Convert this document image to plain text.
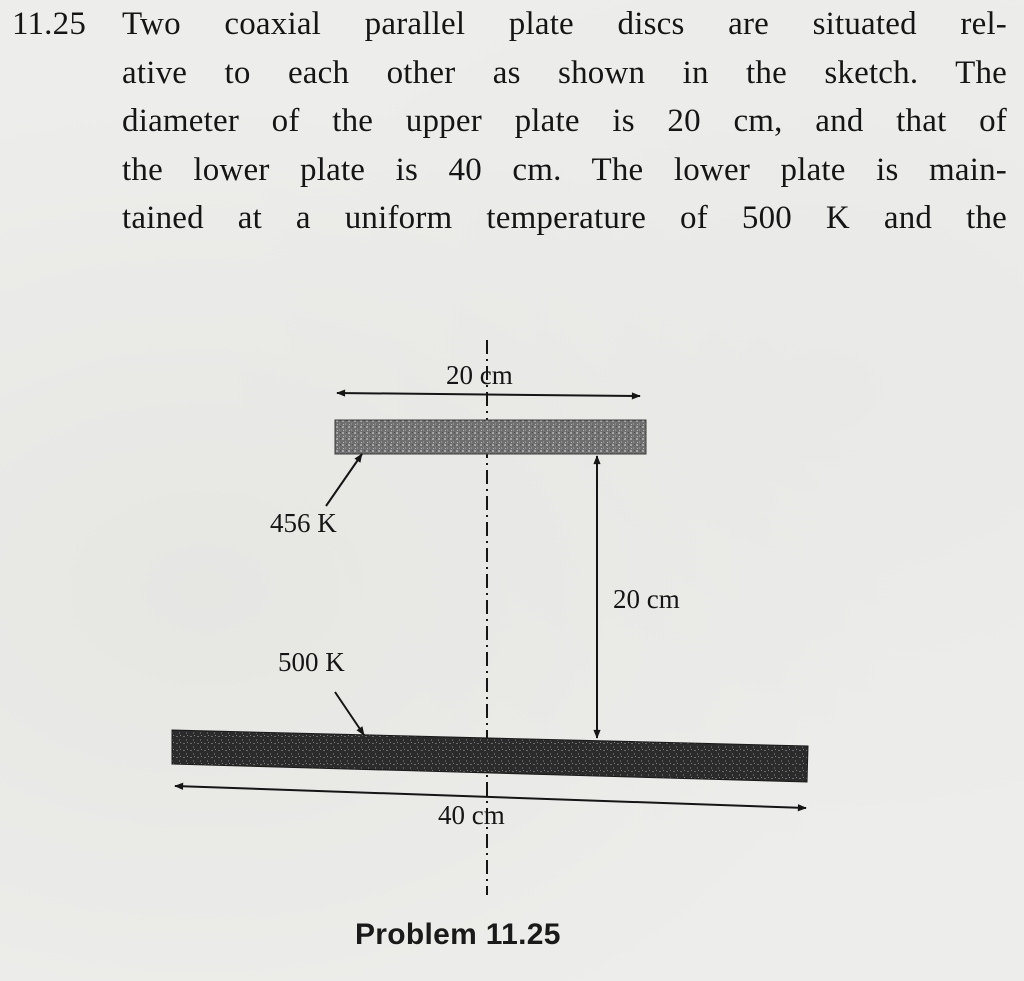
11.25 Two coaxial parallel plate discs are situated rel-
ative to each other as shown in the sketch. The
diameter of the upper plate is 20 cm, and that of
the lower plate is 40 cm. The lower plate is main-
tained at a uniform temperature of 500 K and the
20 cm
456 K
20 cm
500 K
40 cm
Problem 11.25
